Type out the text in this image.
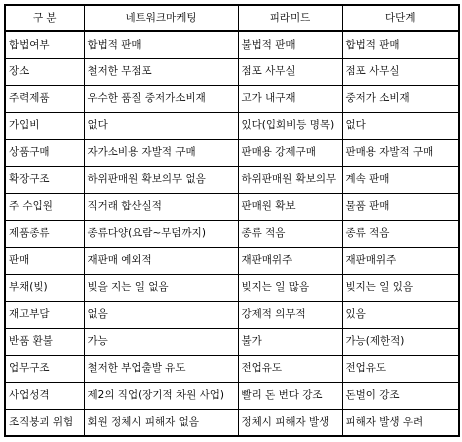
구 분	네트워크마케팅	피라미드	다단계
합법여부	합법적 판매	불법적 판매	합법적 판매
장소	철저한 무점포	점포 사무실	점포 사무실
주력제품	우수한 품질 중저가소비재	고가 내구재	중저가 소비재
가입비	없다	있다(입회비등 명목)	없다
상품구매	자가소비용 자발적 구매	판매용 강제구매	판매용 자발적 구매
확장구조	하위판매원 확보의무 없음	하위판매원 확보의무	계속 판매
주 수입원	직거래 합산실적	판매원 확보	물품 판매
제품종류	종류다양(요람~무덤까지)	종류 적음	종류 적음
판매	재판매 예외적	재판매위주	재판매위주
부채(빚)	빚을 지는 일 없음	빚지는 일 많음	빚지는 일 있음
재고부담	없음	강제적 의무적	있음
반품 환불	가능	불가	가능(제한적)
업무구조	철저한 부업출발 유도	전업유도	전업유도
사업성격	제2의 직업(장기적 차원 사업)	빨리 돈 번다 강조	돈벌이 강조
조직붕괴 위험	회원 정체시 피해자 없음	정체시 피해자 발생	피해자 발생 우려
